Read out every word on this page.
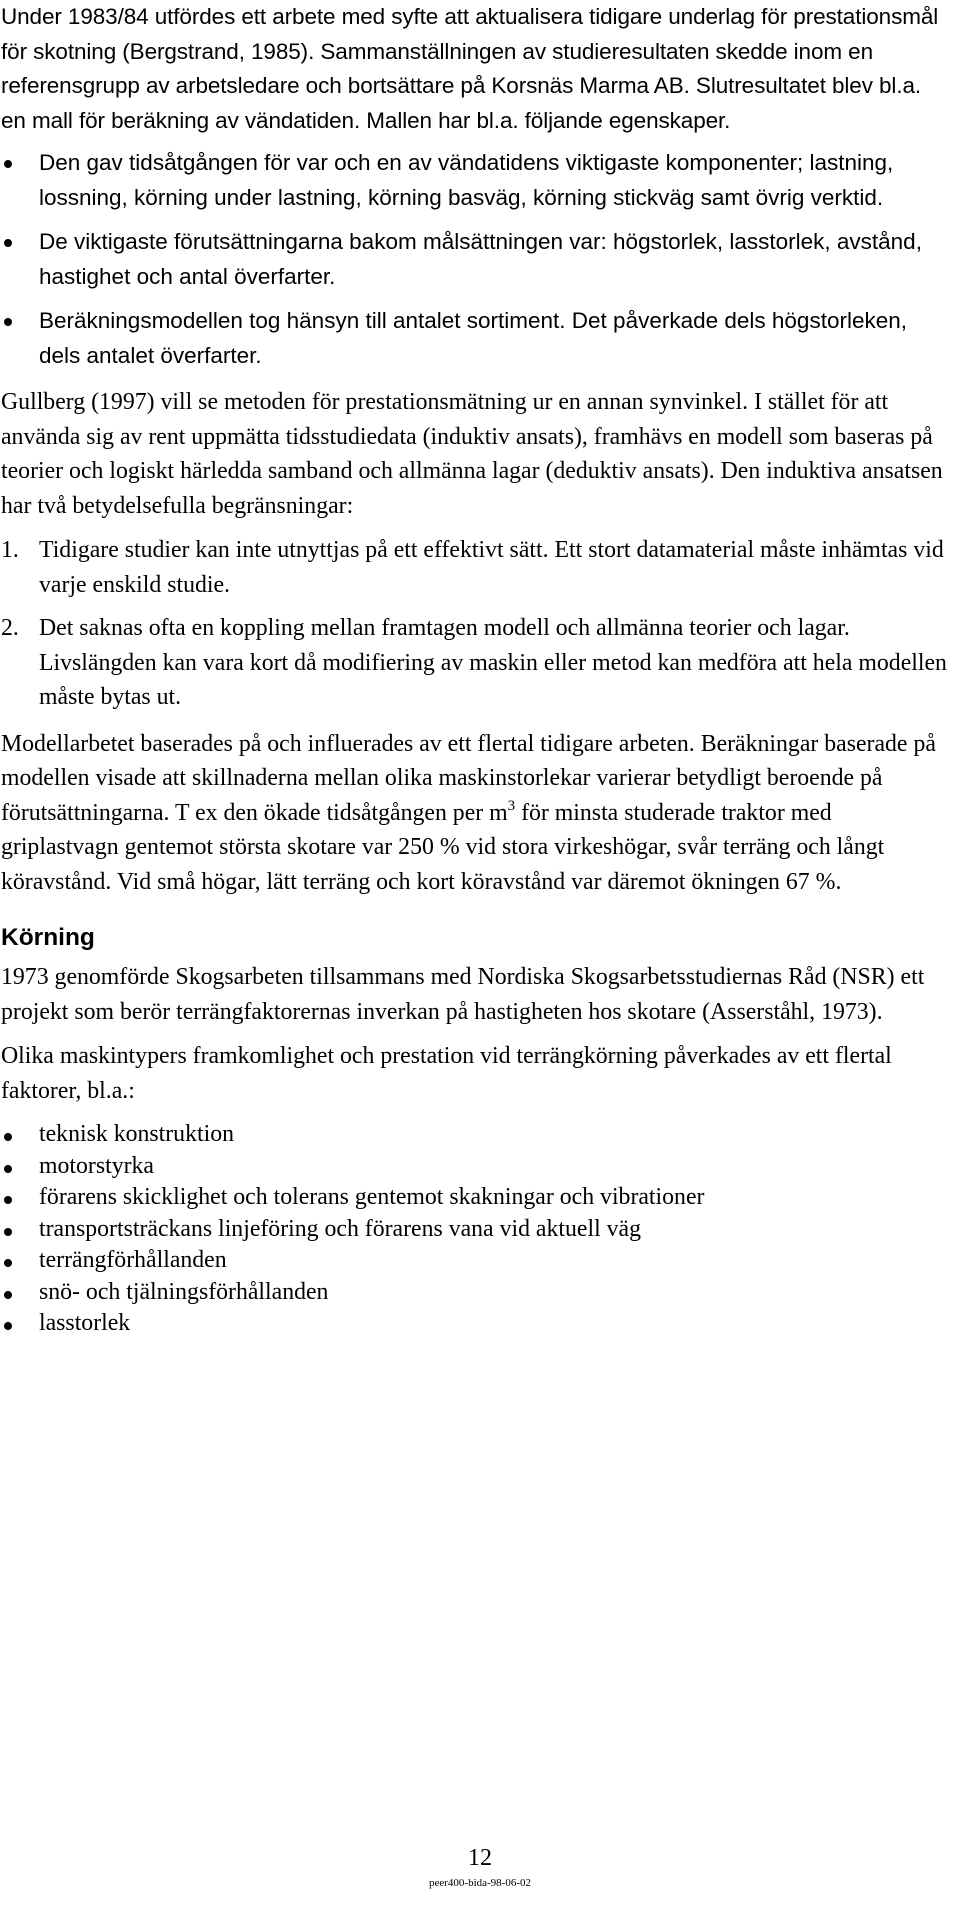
Under 1983/84 utfördes ett arbete med syfte att aktualisera tidigare underlag för prestationsmål för skotning (Bergstrand, 1985). Sammanställningen av studieresultaten skedde inom en referensgrupp av arbetsledare och bortsättare på Korsnäs Marma AB. Slutresultatet blev bl.a. en mall för beräkning av vändatiden. Mallen har bl.a. följande egenskaper.

Den gav tidsåtgången för var och en av vändatidens viktigaste komponenter; lastning, lossning, körning under lastning, körning basväg, körning stickväg samt övrig verktid.
De viktigaste förutsättningarna bakom målsättningen var: högstorlek, lasstorlek, avstånd, hastighet och antal överfarter.
Beräkningsmodellen tog hänsyn till antalet sortiment. Det påverkade dels högstorleken, dels antalet överfarter.

Gullberg (1997) vill se metoden för prestationsmätning ur en annan synvinkel. I stället för att använda sig av rent uppmätta tidsstudiedata (induktiv ansats), framhävs en modell som baseras på teorier och logiskt härledda samband och allmänna lagar (deduktiv ansats). Den induktiva ansatsen har två betydelsefulla begränsningar:

1. Tidigare studier kan inte utnyttjas på ett effektivt sätt. Ett stort datamaterial måste inhämtas vid varje enskild studie.
2. Det saknas ofta en koppling mellan framtagen modell och allmänna teorier och lagar. Livslängden kan vara kort då modifiering av maskin eller metod kan medföra att hela modellen måste bytas ut.

Modellarbetet baserades på och influerades av ett flertal tidigare arbeten. Beräkningar baserade på modellen visade att skillnaderna mellan olika maskinstorlekar varierar betydligt beroende på förutsättningarna. T ex den ökade tidsåtgången per $m^3$ för minsta studerade traktor med griplastvagn gentemot största skotare var 250 % vid stora virkeshögar, svår terräng och långt köravstånd. Vid små högar, lätt terräng och kort köravstånd var däremot ökningen 67 %.

Körning

1973 genomförde Skogsarbeten tillsammans med Nordiska Skogsarbetsstudiernas Råd (NSR) ett projekt som berör terrängfaktorernas inverkan på hastigheten hos skotare (Asserståhl, 1973).

Olika maskintypers framkomlighet och prestation vid terrängkörning påverkades av ett flertal faktorer, bl.a.:

teknisk konstruktion
motorstyrka
förarens skicklighet och tolerans gentemot skakningar och vibrationer
transportsträckans linjeföring och förarens vana vid aktuell väg
terrängförhållanden
snö- och tjälningsförhållanden
lasstorlek
12
peer400-bida-98-06-02
